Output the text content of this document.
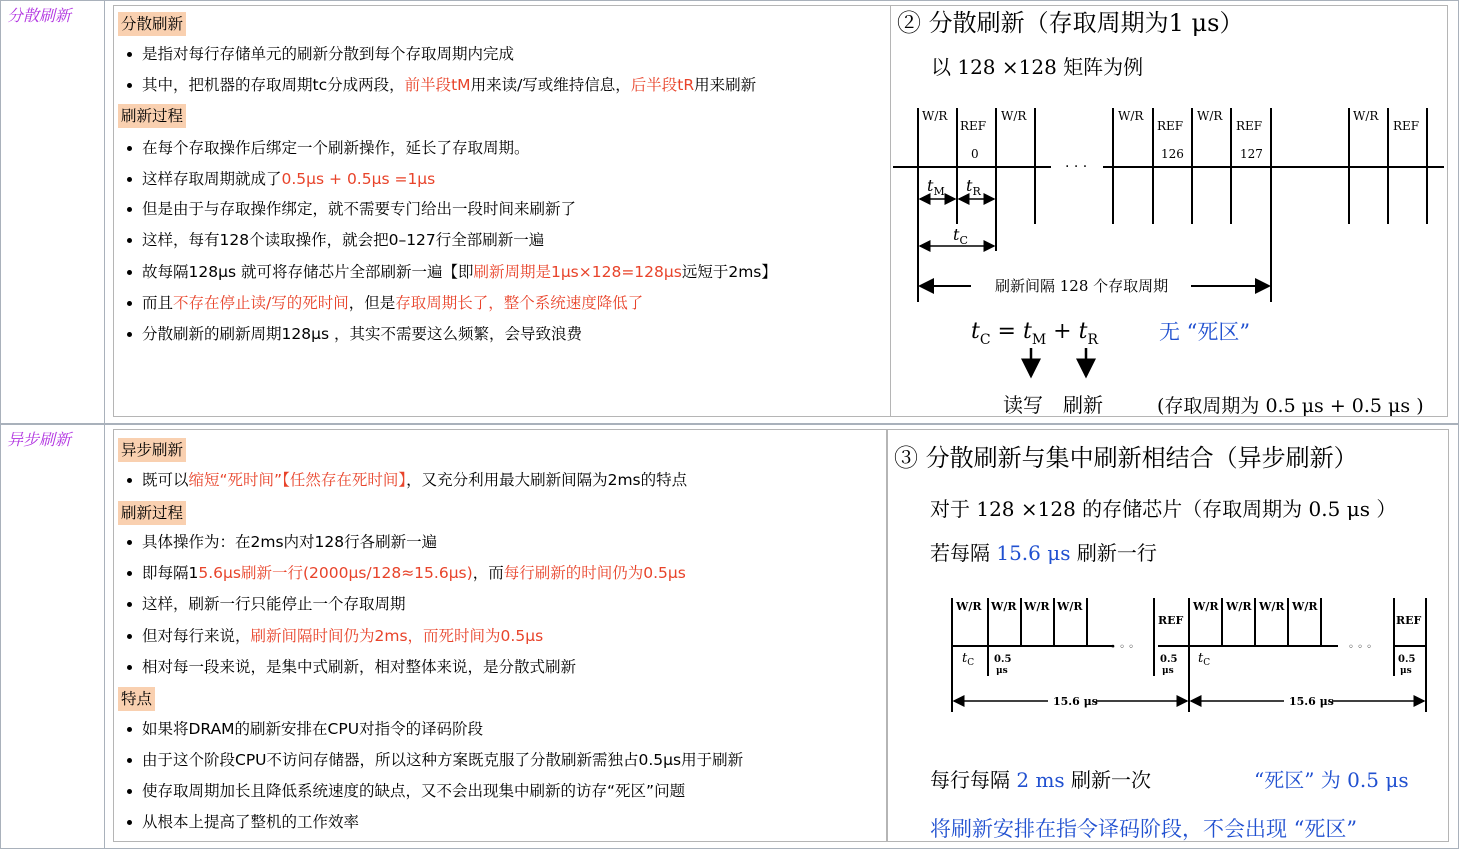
分散刷新	分散刷新
是指对每行存储单元的刷新分散到每个存取周期内完成
其中，把机器的存取周期tc分成两段，前半段tM用来读/写或维持信息，后半段tR用来刷新
刷新过程
在每个存取操作后绑定一个刷新操作，延长了存取周期。
这样存取周期就成了0.5μs + 0.5μs =1μs
但是由于与存取操作绑定，就不需要专门给出一段时间来刷新了
这样，每有128个读取操作，就会把0–127行全部刷新一遍
故每隔128μs 就可将存储芯片全部刷新一遍【即刷新周期是1μs×128=128μs远短于2ms】
而且不存在停止读/写的死时间，但是存取周期长了，整个系统速度降低了
分散刷新的刷新周期128μs ，其实不需要这么频繁，会导致浪费
② 分散刷新（存取周期为1 μs）
以 128 ×128 矩阵为例
W/R
REF
0
W/R	W/R
REF
126
W/R
REF
127
W/R
REF
· · ·
$t_M$ $t_R$
$t_C$
刷新间隔 128 个存取周期
$t_C = t_M + t_R$	无 “死区”
读写 刷新	(存取周期为 0.5 μs + 0.5 μs )
异步刷新
异步刷新
既可以缩短“死时间”【任然存在死时间】，又充分利用最大刷新间隔为2ms的特点
刷新过程
具体操作为：在2ms内对128行各刷新一遍
即每隔15.6μs刷新一行(2000μs/128≈15.6μs)，而每行刷新的时间仍为0.5μs
这样，刷新一行只能停止一个存取周期
但对每行来说，刷新间隔时间仍为2ms，而死时间为0.5μs
相对每一段来说，是集中式刷新，相对整体来说，是分散式刷新
特点
如果将DRAM的刷新安排在CPU对指令的译码阶段
由于这个阶段CPU不访问存储器，所以这种方案既克服了分散刷新需独占0.5μs用于刷新
使存取周期加长且降低系统速度的缺点，又不会出现集中刷新的访存“死区”问题
从根本上提高了整机的工作效率
③ 分散刷新与集中刷新相结合（异步刷新）
对于 128 ×128 的存储芯片（存取周期为 0.5 μs ）
若每隔 15.6 μs 刷新一行
W/R W/R W/R W/R
REF
W/R W/R W/R W/R
REF
◦ ◦ ◦	◦ ◦ ◦
$t_C$ 0.5
μs
0.5
μs
$t_C$	0.5
μs
15.6 μs	15.6 μs
每行每隔 2 ms 刷新一次	“死区” 为 0.5 μs
将刷新安排在指令译码阶段，不会出现 “死区”
